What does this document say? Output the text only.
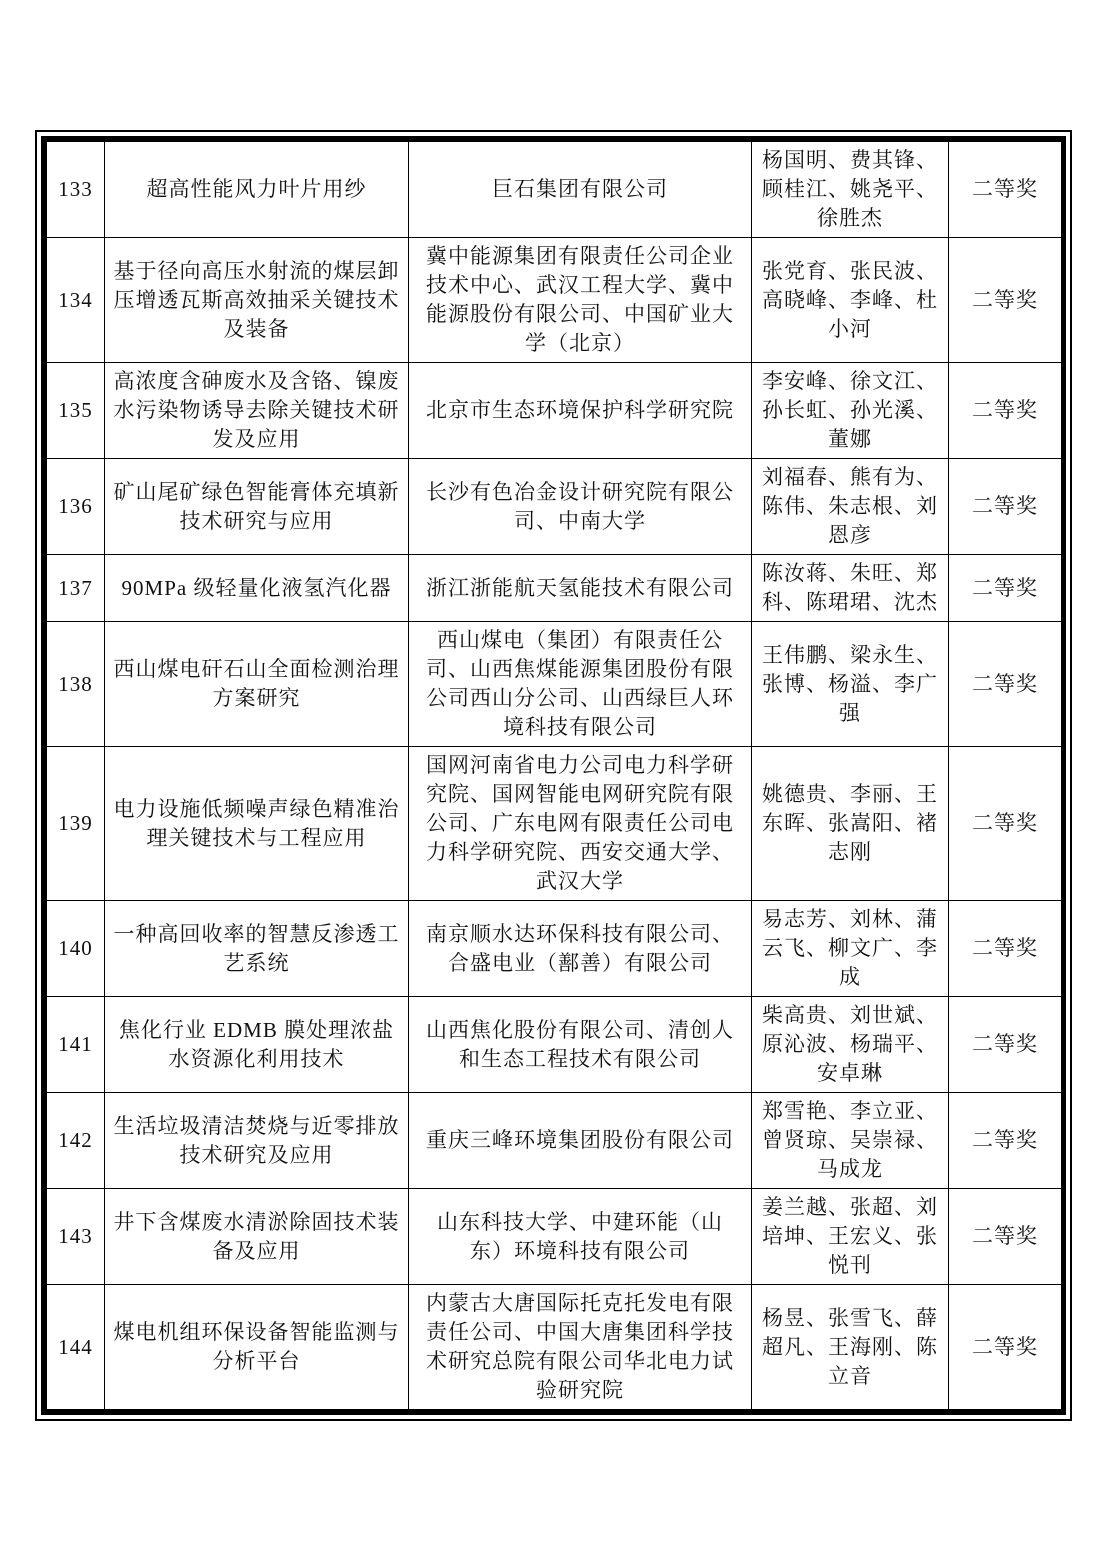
133	超高性能风力叶片用纱	巨石集团有限公司	杨国明、费其锋、顾桂江、姚尧平、徐胜杰	二等奖
134	基于径向高压水射流的煤层卸压增透瓦斯高效抽采关键技术及装备	冀中能源集团有限责任公司企业技术中心、武汉工程大学、冀中能源股份有限公司、中国矿业大学（北京）	张党育、张民波、高晓峰、李峰、杜小河	二等奖
135	高浓度含砷废水及含铬、镍废水污染物诱导去除关键技术研发及应用	北京市生态环境保护科学研究院	李安峰、徐文江、孙长虹、孙光溪、董娜	二等奖
136	矿山尾矿绿色智能膏体充填新技术研究与应用	长沙有色冶金设计研究院有限公司、中南大学	刘福春、熊有为、陈伟、朱志根、刘恩彦	二等奖
137	90MPa 级轻量化液氢汽化器	浙江浙能航天氢能技术有限公司	陈汝蒋、朱旺、郑科、陈珺珺、沈杰	二等奖
138	西山煤电矸石山全面检测治理方案研究	西山煤电（集团）有限责任公司、山西焦煤能源集团股份有限公司西山分公司、山西绿巨人环境科技有限公司	王伟鹏、梁永生、张博、杨溢、李广强	二等奖
139	电力设施低频噪声绿色精准治理关键技术与工程应用	国网河南省电力公司电力科学研究院、国网智能电网研究院有限公司、广东电网有限责任公司电力科学研究院、西安交通大学、武汉大学	姚德贵、李丽、王东晖、张嵩阳、褚志刚	二等奖
140	一种高回收率的智慧反渗透工艺系统	南京顺水达环保科技有限公司、合盛电业（鄯善）有限公司	易志芳、刘林、蒲云飞、柳文广、李成	二等奖
141	焦化行业 EDMB 膜处理浓盐水资源化利用技术	山西焦化股份有限公司、清创人和生态工程技术有限公司	柴高贵、刘世斌、原沁波、杨瑞平、安卓琳	二等奖
142	生活垃圾清洁焚烧与近零排放技术研究及应用	重庆三峰环境集团股份有限公司	郑雪艳、李立亚、曾贤琼、吴崇禄、马成龙	二等奖
143	井下含煤废水清淤除固技术装备及应用	山东科技大学、中建环能（山东）环境科技有限公司	姜兰越、张超、刘培坤、王宏义、张悦刊	二等奖
144	煤电机组环保设备智能监测与分析平台	内蒙古大唐国际托克托发电有限责任公司、中国大唐集团科学技术研究总院有限公司华北电力试验研究院	杨昱、张雪飞、薛超凡、王海刚、陈立音	二等奖
